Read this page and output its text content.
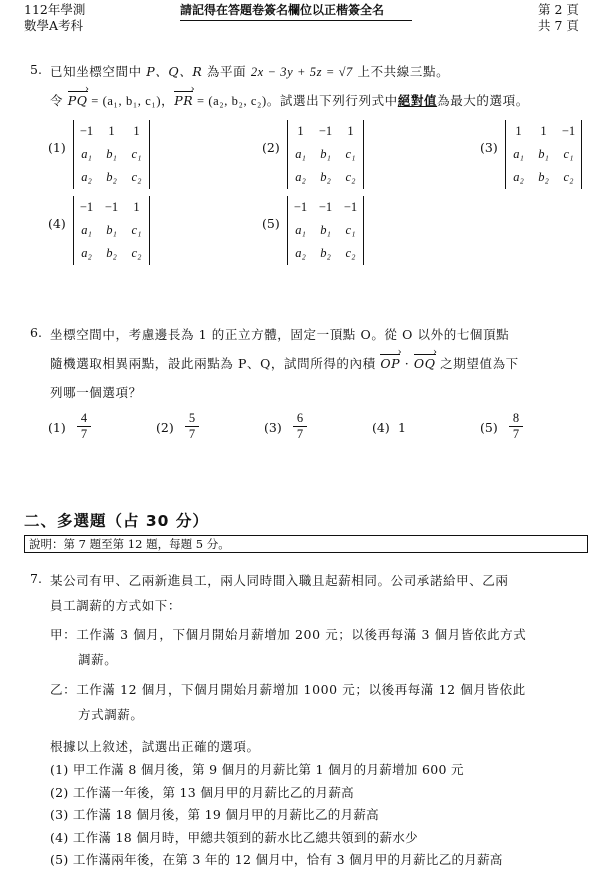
112年學測
數學A考科
請記得在答題卷簽名欄位以正楷簽全名	第 2 頁
共 7 頁
5. 已知坐標空間中 P、Q、R 為平面 2x − 3y + 5z = √7 上不共線三點。
令 PQ › = (a₁, b₁, c₁)，PR › = (a₂, b₂, c₂)。試選出下列行列式中絕對值為最大的選項。
(1)
−1	1	1
a₁	b₁	c₁
a₂	b₂	c₂
(2)
1	−1	1
a₁	b₁	c₁
a₂	b₂	c₂
(3)
1	1	−1
a₁	b₁	c₁
a₂	b₂	c₂
(4)
−1 −1	1
a₁	b₁	c₁
a₂	b₂	c₂
(5)
−1 −1 −1
a₁	b₁	c₁
a₂	b₂	c₂
6. 坐標空間中，考慮邊長為 1 的正立方體，固定一頂點 O。從 O 以外的七個頂點
隨機選取相異兩點，設此兩點為 P、Q，試問所得的內積 OP › · OQ › 之期望值為下
列哪一個選項？
$(1) \frac{4}{7}$	$(2) \frac{5}{7}$	$(3) \frac{6}{7}$	(4) 1	$(5) \frac{8}{7}$
二、多選題（占 30 分）
說明：第 7 題至第 12 題，每題 5 分。
7. 某公司有甲、乙兩新進員工，兩人同時間入職且起薪相同。公司承諾給甲、乙兩
員工調薪的方式如下：
甲：工作滿 3 個月，下個月開始月薪增加 200 元；以後再每滿 3 個月皆依此方式
調薪。
乙：工作滿 12 個月，下個月開始月薪增加 1000 元；以後再每滿 12 個月皆依此
方式調薪。
根據以上敘述，試選出正確的選項。
(1) 甲工作滿 8 個月後，第 9 個月的月薪比第 1 個月的月薪增加 600 元
(2) 工作滿一年後，第 13 個月甲的月薪比乙的月薪高
(3) 工作滿 18 個月後，第 19 個月甲的月薪比乙的月薪高
(4) 工作滿 18 個月時，甲總共領到的薪水比乙總共領到的薪水少
(5) 工作滿兩年後，在第 3 年的 12 個月中，恰有 3 個月甲的月薪比乙的月薪高
